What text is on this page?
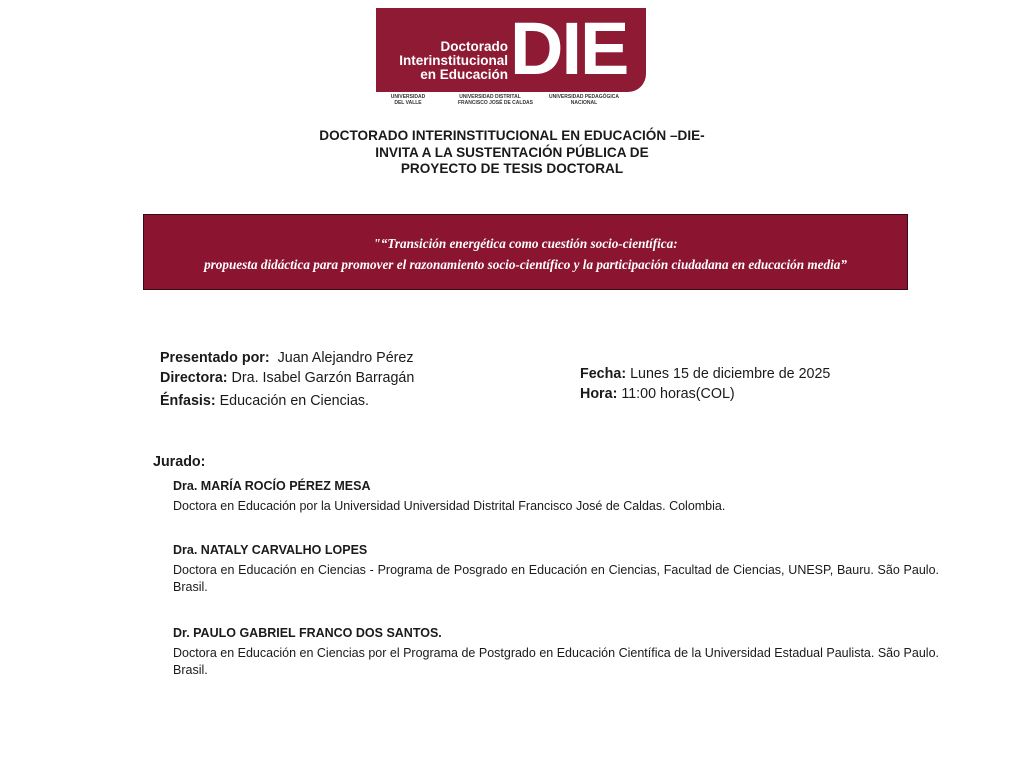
Doctorado
Interinstitucional
en Educación DIE
UNIVERSIDAD
DEL VALLE
UNIVERSIDAD DISTRITAL
FRANCISCO JOSÉ DE CALDAS
UNIVERSIDAD PEDAGÓGICA
NACIONAL
DOCTORADO INTERINSTITUCIONAL EN EDUCACIÓN –DIE-
INVITA A LA SUSTENTACIÓN PÚBLICA DE
PROYECTO DE TESIS DOCTORAL
"“Transición energética como cuestión socio-científica:
propuesta didáctica para promover el razonamiento socio-científico y la participación ciudadana en educación media”
Presentado por: Juan Alejandro Pérez
Directora: Dra. Isabel Garzón Barragán
Énfasis: Educación en Ciencias.
Fecha: Lunes 15 de diciembre de 2025
Hora: 11:00 horas(COL)
Jurado:
Dra. MARÍA ROCÍO PÉREZ MESA
Doctora en Educación por la Universidad Universidad Distrital Francisco José de Caldas. Colombia.
Dra. NATALY CARVALHO LOPES
Doctora en Educación en Ciencias - Programa de Posgrado en Educación en Ciencias, Facultad de Ciencias, UNESP, Bauru. São Paulo. Brasil.
Dr. PAULO GABRIEL FRANCO DOS SANTOS.
Doctora en Educación en Ciencias por el Programa de Postgrado en Educación Científica de la Universidad Estadual Paulista. São Paulo. Brasil.
